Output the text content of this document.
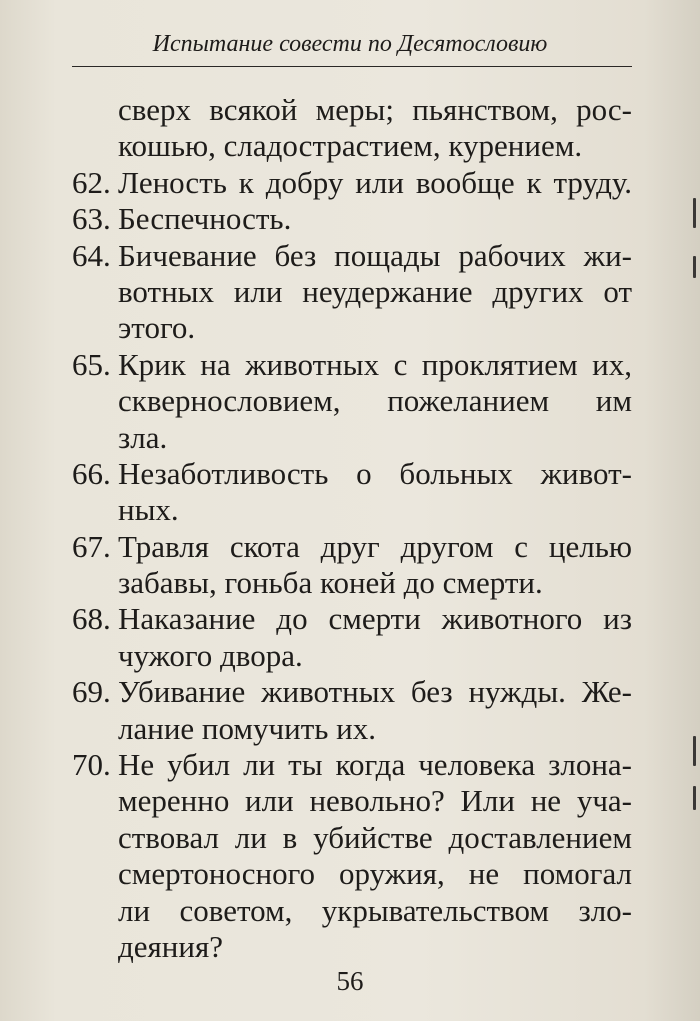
Испытание совести по Десятословию
сверх всякой меры; пьянством, рос-
кошью, сладострастием, курением.
62. Леность к добру или вообще к труду.
63. Беспечность.
64. Бичевание без пощады рабочих жи-
вотных или неудержание других от
этого.
65. Крик на животных с проклятием их,
сквернословием, пожеланием им
зла.
66. Незаботливость о больных живот-
ных.
67. Травля скота друг другом с целью
забавы, гоньба коней до смерти.
68. Наказание до смерти животного из
чужого двора.
69. Убивание животных без нужды. Же-
лание помучить их.
70. Не убил ли ты когда человека злона-
меренно или невольно? Или не уча-
ствовал ли в убийстве доставлением
смертоносного оружия, не помогал
ли советом, укрывательством зло-
деяния?
56
